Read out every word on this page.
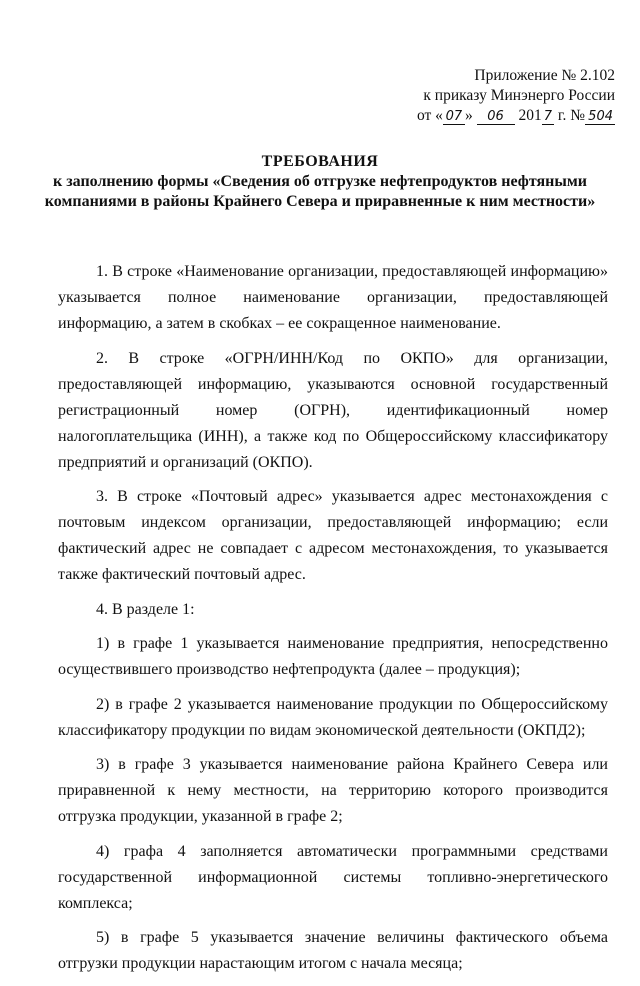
Приложение № 2.102
к приказу Минэнерго России
от « 07 » 06 201 7 г. № 504
ТРЕБОВАНИЯ
к заполнению формы «Сведения об отгрузке нефтепродуктов нефтяными
компаниями в районы Крайнего Севера и приравненные к ним местности»

1. В строке «Наименование организации, предоставляющей информацию» указывается полное наименование организации, предоставляющей информацию, а затем в скобках – ее сокращенное наименование.

2. В строке «ОГРН/ИНН/Код по ОКПО» для организации, предоставляющей информацию, указываются основной государственный регистрационный номер (ОГРН), идентификационный номер налогоплательщика (ИНН), а также код по Общероссийскому классификатору предприятий и организаций (ОКПО).

3. В строке «Почтовый адрес» указывается адрес местонахождения с почтовым индексом организации, предоставляющей информацию; если фактический адрес не совпадает с адресом местонахождения, то указывается также фактический почтовый адрес.

4. В разделе 1:

1) в графе 1 указывается наименование предприятия, непосредственно осуществившего производство нефтепродукта (далее – продукция);

2) в графе 2 указывается наименование продукции по Общероссийскому классификатору продукции по видам экономической деятельности (ОКПД2);

3) в графе 3 указывается наименование района Крайнего Севера или приравненной к нему местности, на территорию которого производится отгрузка продукции, указанной в графе 2;

4) графа 4 заполняется автоматически программными средствами государственной информационной системы топливно-энергетического комплекса;

5) в графе 5 указывается значение величины фактического объема отгрузки продукции нарастающим итогом с начала месяца;
